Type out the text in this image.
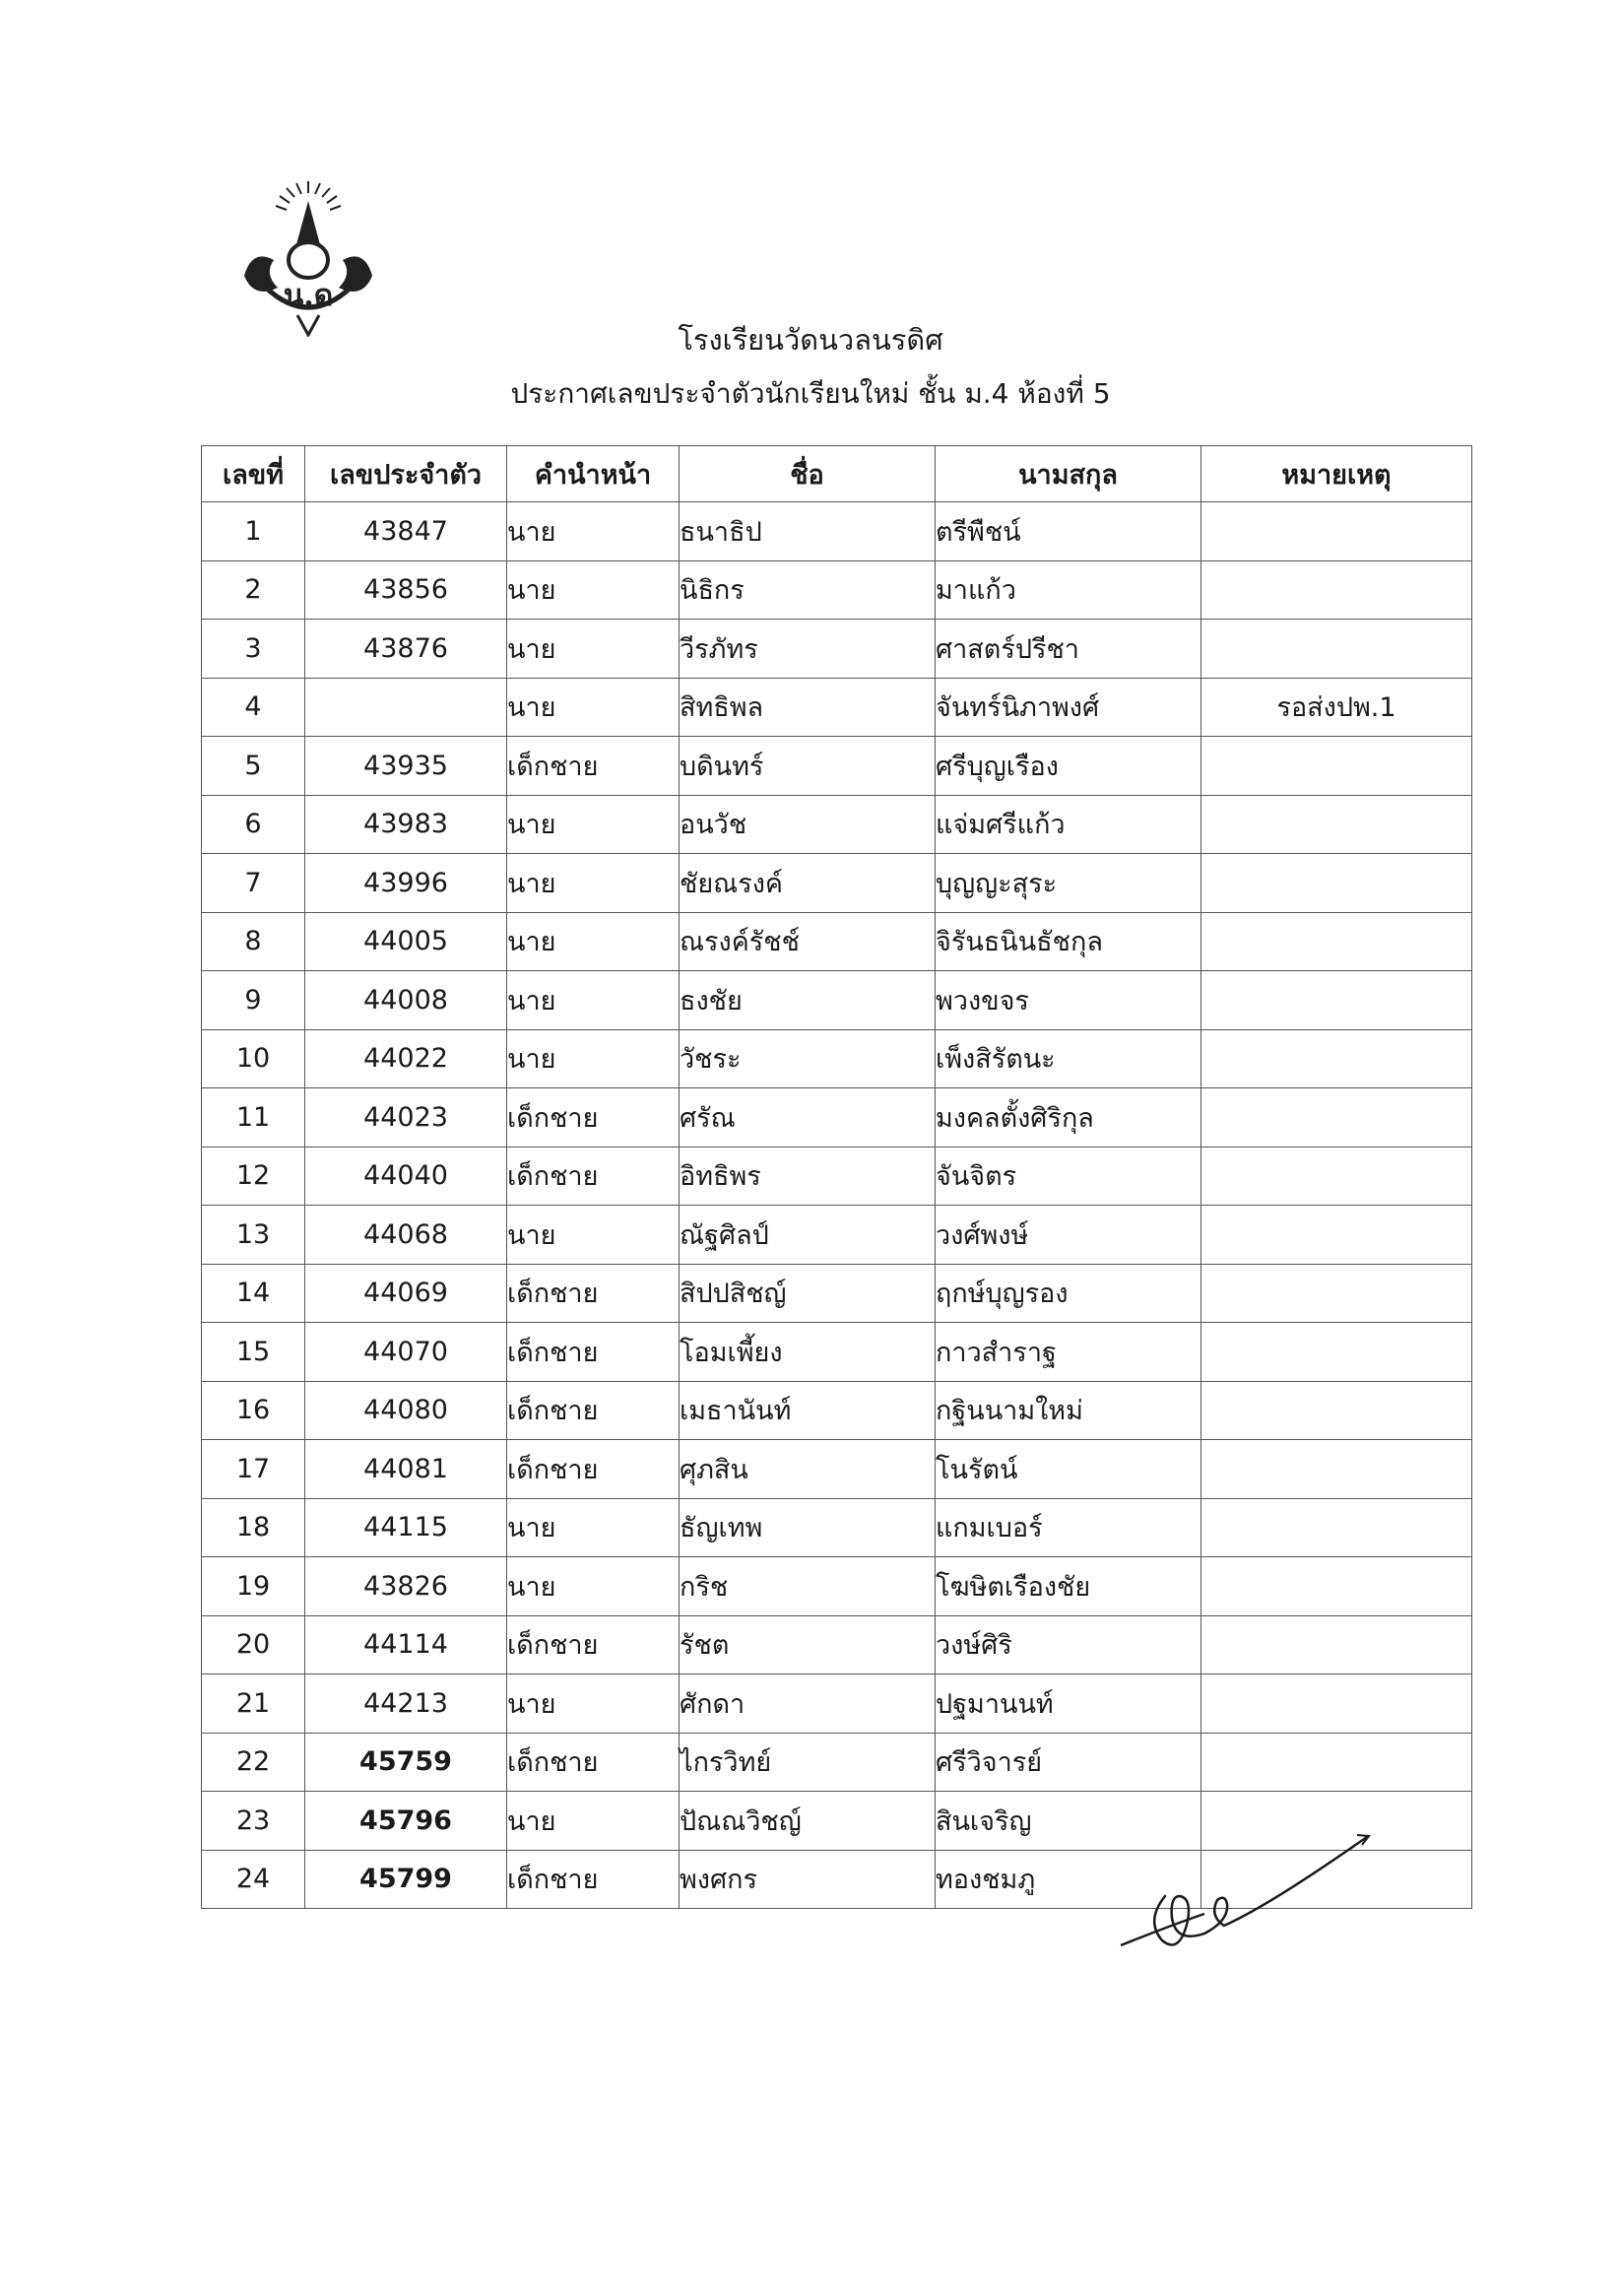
น.ด
โรงเรียนวัดนวลนรดิศ
ประกาศเลขประจำตัวนักเรียนใหม่ ชั้น ม.4 ห้องที่ 5
เลขที่	เลขประจำตัว	คำนำหน้า	ชื่อ	นามสกุล	หมายเหตุ
1	43847	นาย	ธนาธิป	ตรีพืชน์	
2	43856	นาย	นิธิกร	มาแก้ว	
3	43876	นาย	วีรภัทร	ศาสตร์ปรีชา	
4		นาย	สิทธิพล	จันทร์นิภาพงศ์	รอส่งปพ.1
5	43935	เด็กชาย	บดินทร์	ศรีบุญเรือง	
6	43983	นาย	อนวัช	แจ่มศรีแก้ว	
7	43996	นาย	ชัยณรงค์	บุญญะสุระ	
8	44005	นาย	ณรงค์รัชช์	จิรันธนินธัชกุล	
9	44008	นาย	ธงชัย	พวงขจร	
10	44022	นาย	วัชระ	เพ็งสิรัตนะ	
11	44023	เด็กชาย	ศรัณ	มงคลตั้งศิริกุล	
12	44040	เด็กชาย	อิทธิพร	จันจิตร	
13	44068	นาย	ณัฐศิลป์	วงศ์พงษ์	
14	44069	เด็กชาย	สิปปสิชญ์	ฤกษ์บุญรอง	
15	44070	เด็กชาย	โอมเพี้ยง	กาวสำราฐ	
16	44080	เด็กชาย	เมธานันท์	กฐินนามใหม่	
17	44081	เด็กชาย	ศุภสิน	โนรัตน์	
18	44115	นาย	ธัญเทพ	แกมเบอร์	
19	43826	นาย	กริช	โฆษิตเรืองชัย	
20	44114	เด็กชาย	รัชต	วงษ์ศิริ	
21	44213	นาย	ศักดา	ปฐมานนท์	
22	45759	เด็กชาย	ไกรวิทย์	ศรีวิจารย์	
23	45796	นาย	ปัณณวิชญ์	สินเจริญ	
24	45799	เด็กชาย	พงศกร	ทองชมภู	
